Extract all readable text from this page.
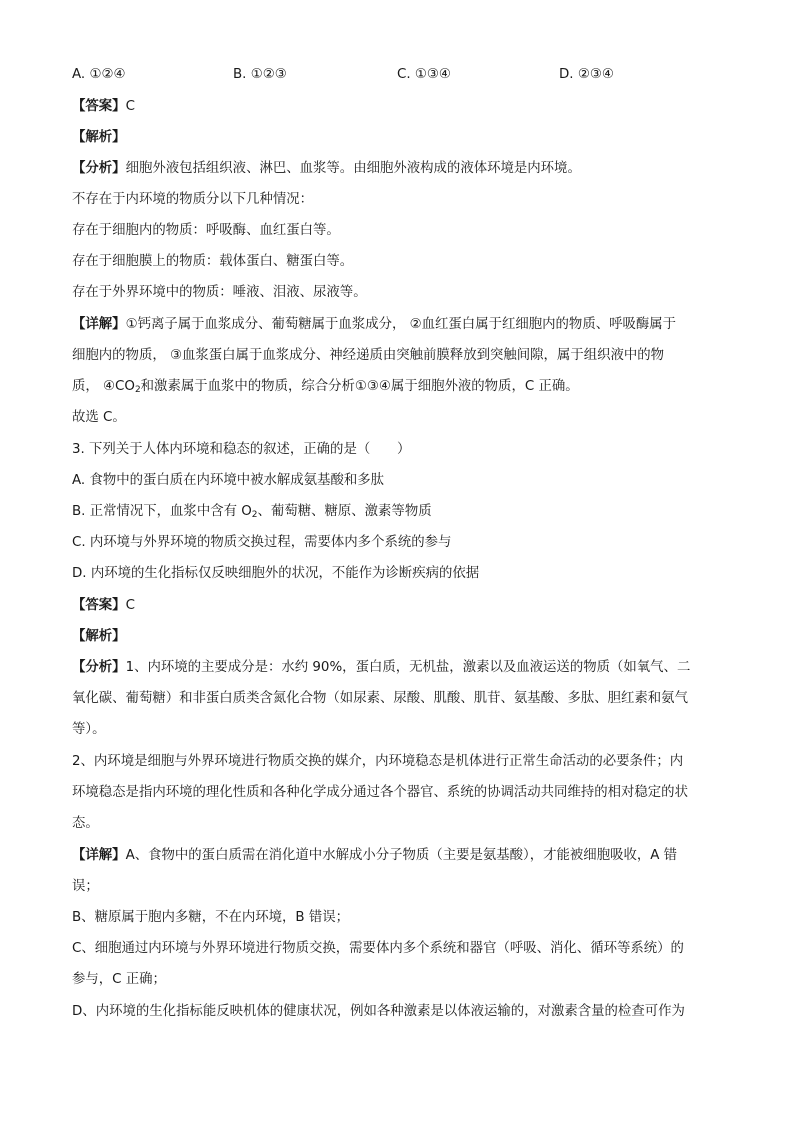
A. ①②④	B. ①②③	C. ①③④	D. ②③④
【答案】C
【解析】
【分析】细胞外液包括组织液、淋巴、血浆等。由细胞外液构成的液体环境是内环境。
不存在于内环境的物质分以下几种情况：
存在于细胞内的物质：呼吸酶、血红蛋白等。
存在于细胞膜上的物质：载体蛋白、糖蛋白等。
存在于外界环境中的物质：唾液、泪液、尿液等。
【详解】①钙离子属于血浆成分、葡萄糖属于血浆成分， ②血红蛋白属于红细胞内的物质、呼吸酶属于
细胞内的物质， ③血浆蛋白属于血浆成分、神经递质由突触前膜释放到突触间隙，属于组织液中的物
质， $④CO_2$和激素属于血浆中的物质，综合分析①③④属于细胞外液的物质，C 正确。
故选 C。
3. 下列关于人体内环境和稳态的叙述，正确的是（　　）
A. 食物中的蛋白质在内环境中被水解成氨基酸和多肽
B. 正常情况下，血浆中含有 $O_2$、葡萄糖、糖原、激素等物质
C. 内环境与外界环境的物质交换过程，需要体内多个系统的参与
D. 内环境的生化指标仅反映细胞外的状况，不能作为诊断疾病的依据
【答案】C
【解析】
【分析】1、内环境的主要成分是：水约 90%，蛋白质，无机盐，激素以及血液运送的物质（如氧气、二
氧化碳、葡萄糖）和非蛋白质类含氮化合物（如尿素、尿酸、肌酸、肌苷、氨基酸、多肽、胆红素和氨气
等）。
2、内环境是细胞与外界环境进行物质交换的媒介，内环境稳态是机体进行正常生命活动的必要条件；内
环境稳态是指内环境的理化性质和各种化学成分通过各个器官、系统的协调活动共同维持的相对稳定的状
态。
【详解】A、食物中的蛋白质需在消化道中水解成小分子物质（主要是氨基酸），才能被细胞吸收，A 错
误；
B、糖原属于胞内多糖，不在内环境，B 错误；
C、细胞通过内环境与外界环境进行物质交换，需要体内多个系统和器官（呼吸、消化、循环等系统）的
参与，C 正确；
D、内环境的生化指标能反映机体的健康状况，例如各种激素是以体液运输的，对激素含量的检查可作为
